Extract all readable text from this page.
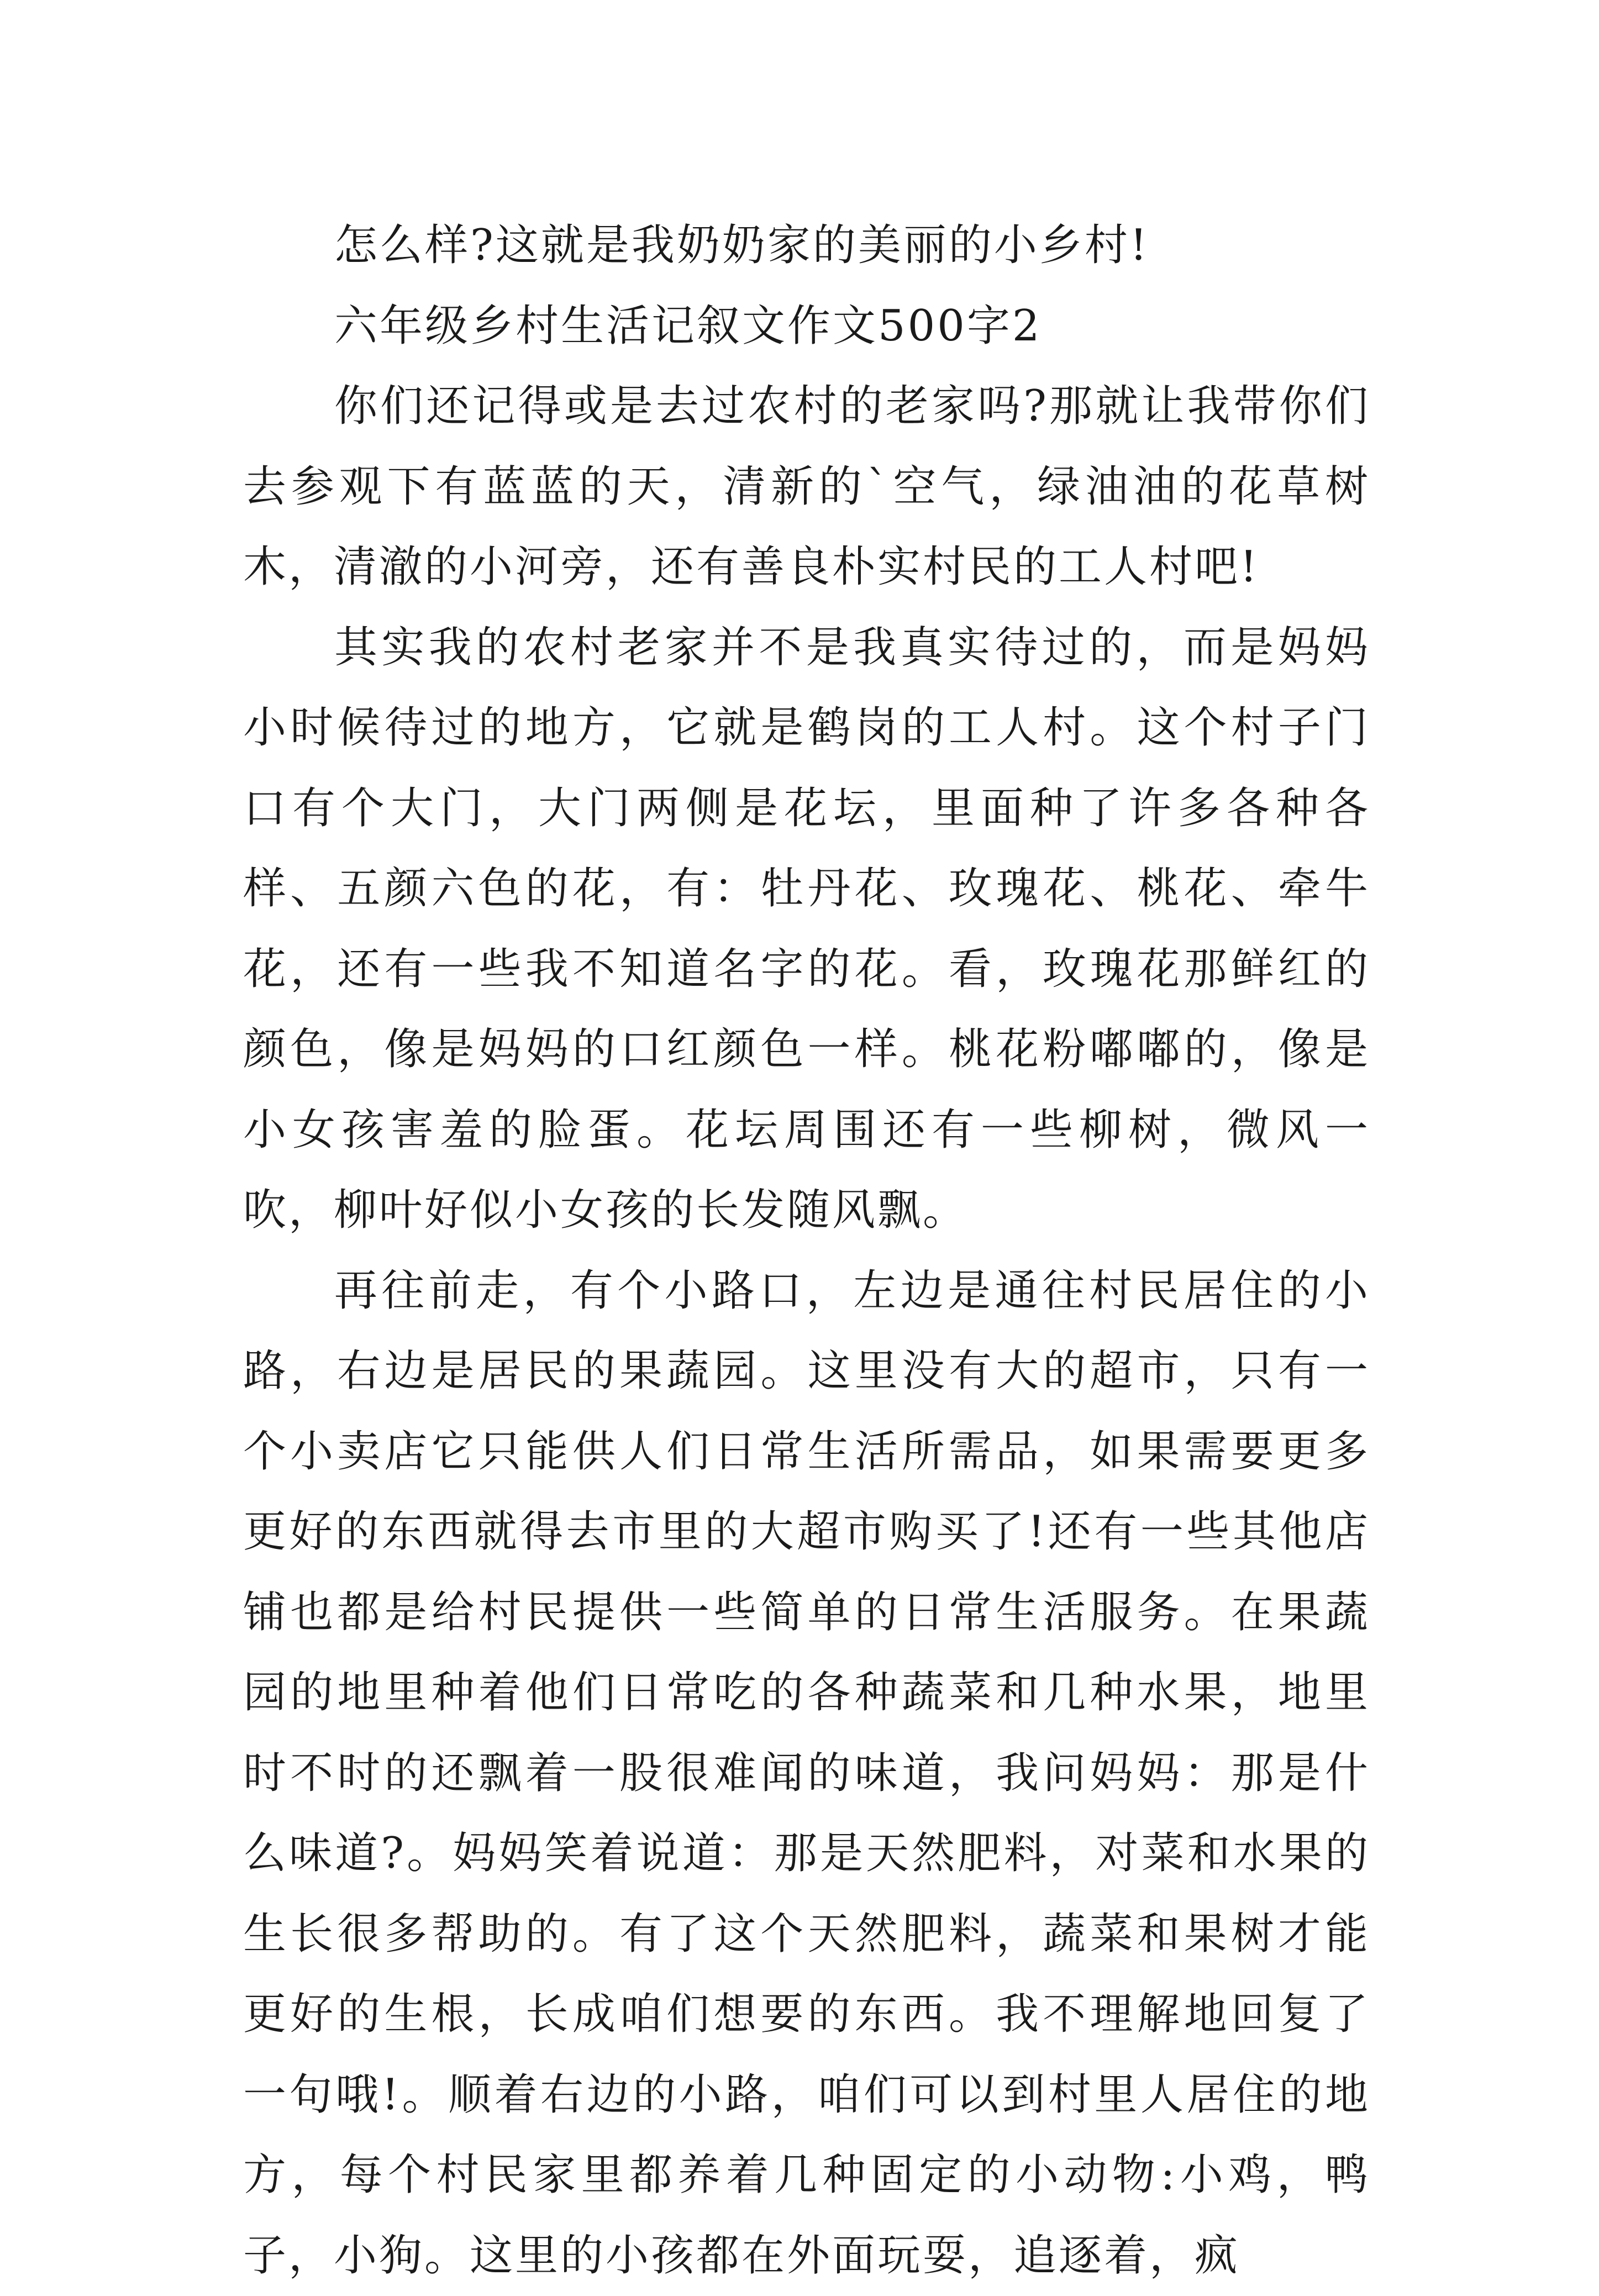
怎么样?这就是我奶奶家的美丽的小乡村!

六年级乡村生活记叙文作文500字2

你们还记得或是去过农村的老家吗?那就让我带你们去参观下有蓝蓝的天，清新的`空气，绿油油的花草树木，清澈的小河旁，还有善良朴实村民的工人村吧!

其实我的农村老家并不是我真实待过的，而是妈妈小时候待过的地方，它就是鹤岗的工人村。这个村子门口有个大门，大门两侧是花坛，里面种了许多各种各样、五颜六色的花，有：牡丹花、玫瑰花、桃花、牵牛花，还有一些我不知道名字的花。看，玫瑰花那鲜红的颜色，像是妈妈的口红颜色一样。桃花粉嘟嘟的，像是小女孩害羞的脸蛋。花坛周围还有一些柳树，微风一吹，柳叶好似小女孩的长发随风飘。

再往前走，有个小路口，左边是通往村民居住的小路，右边是居民的果蔬园。这里没有大的超市，只有一个小卖店它只能供人们日常生活所需品，如果需要更多更好的东西就得去市里的大超市购买了!还有一些其他店铺也都是给村民提供一些简单的日常生活服务。在果蔬园的地里种着他们日常吃的各种蔬菜和几种水果，地里时不时的还飘着一股很难闻的味道，我问妈妈：那是什么味道?。妈妈笑着说道：那是天然肥料，对菜和水果的生长很多帮助的。有了这个天然肥料，蔬菜和果树才能更好的生根，长成咱们想要的东西。我不理解地回复了一句哦!。顺着右边的小路，咱们可以到村里人居住的地方，每个村民家里都养着几种固定的小动物:小鸡，鸭子，小狗。这里的小孩都在外面玩耍，追逐着，疯
